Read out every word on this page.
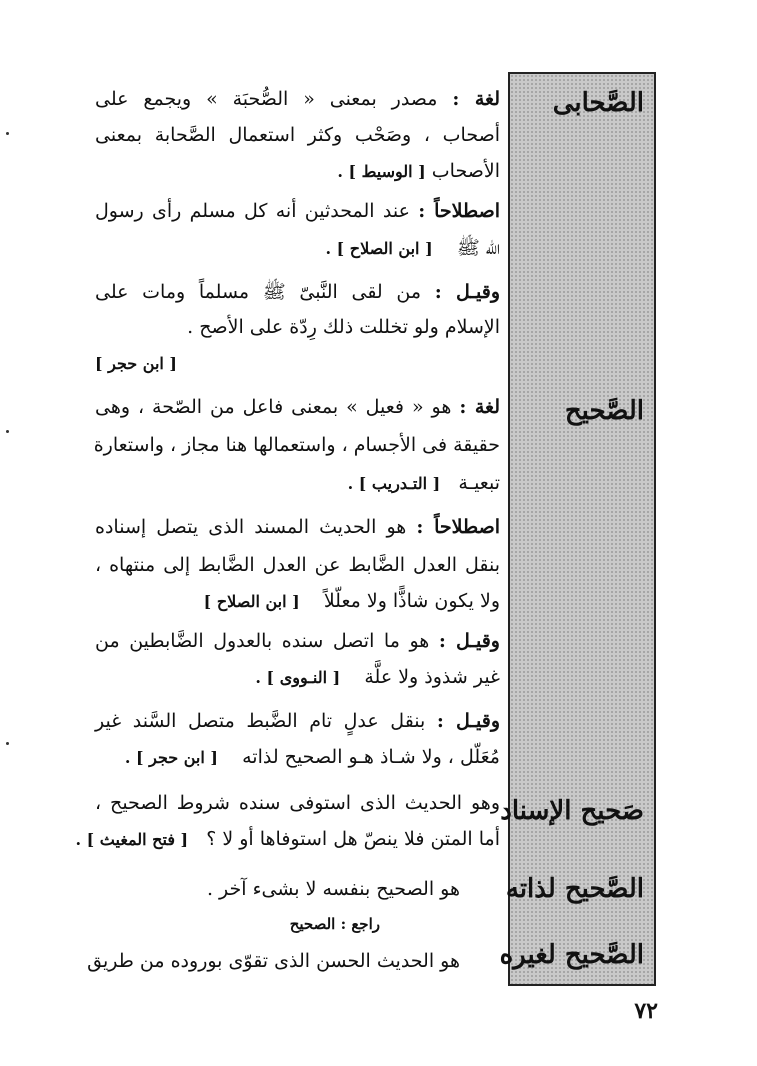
الصَّحابى
الصَّحيح
صَحيح الإسناد
الصَّحيح لذاته
الصَّحيح لغيره
لغة : مصدر بمعنى « الصُّحبَة » ويجمع على
أصحاب ، وصَحْب وكثر استعمال الصَّحابة بمعنى
الأصحاب [ الوسيط ] .
اصطلاحاً : عند المحدثين أنه كل مسلم رأى رسول
الله ﷺ    [ ابن الصلاح ] .
وقيـل : من لقى النَّبىّ ﷺ مسلماً ومات على
الإسلام ولو تخللت ذلك رِدّة على الأصح .
[ ابن حجر ]
لغة : هو « فعيل » بمعنى فاعل من الصّحة ، وهى
حقيقة فى الأجسام ، واستعمالها هنا مجاز ، واستعارة
تبعيـة   [ التـدريب ] .
اصطلاحاً : هو الحديث المسند الذى يتصل إسناده
بنقل العدل الضَّابط عن العدل الضَّابط إلى منتهاه ،
ولا يكون شاذًّا ولا معلّلاً    [ ابن الصلاح ]
وقيـل : هو ما اتصل سنده بالعدول الضَّابطين من
غير شذوذ ولا علَّة    [ النـووى ] .
وقيـل : بنقل عدلٍ تام الضَّبط متصل السَّند غير
مُعَلّل ، ولا شـاذ هـو الصحيح لذاته    [ ابن حجر ] .
وهو الحديث الذى استوفى سنده شروط الصحيح ،
أما المتن فلا ينصّ هل استوفاها أو لا ؟   [ فتح المغيث ] .
هو الصحيح بنفسه لا بشىء آخر .
راجع : الصحيح
هو الحديث الحسن الذى تقوّى بوروده من طريق
٧٢
